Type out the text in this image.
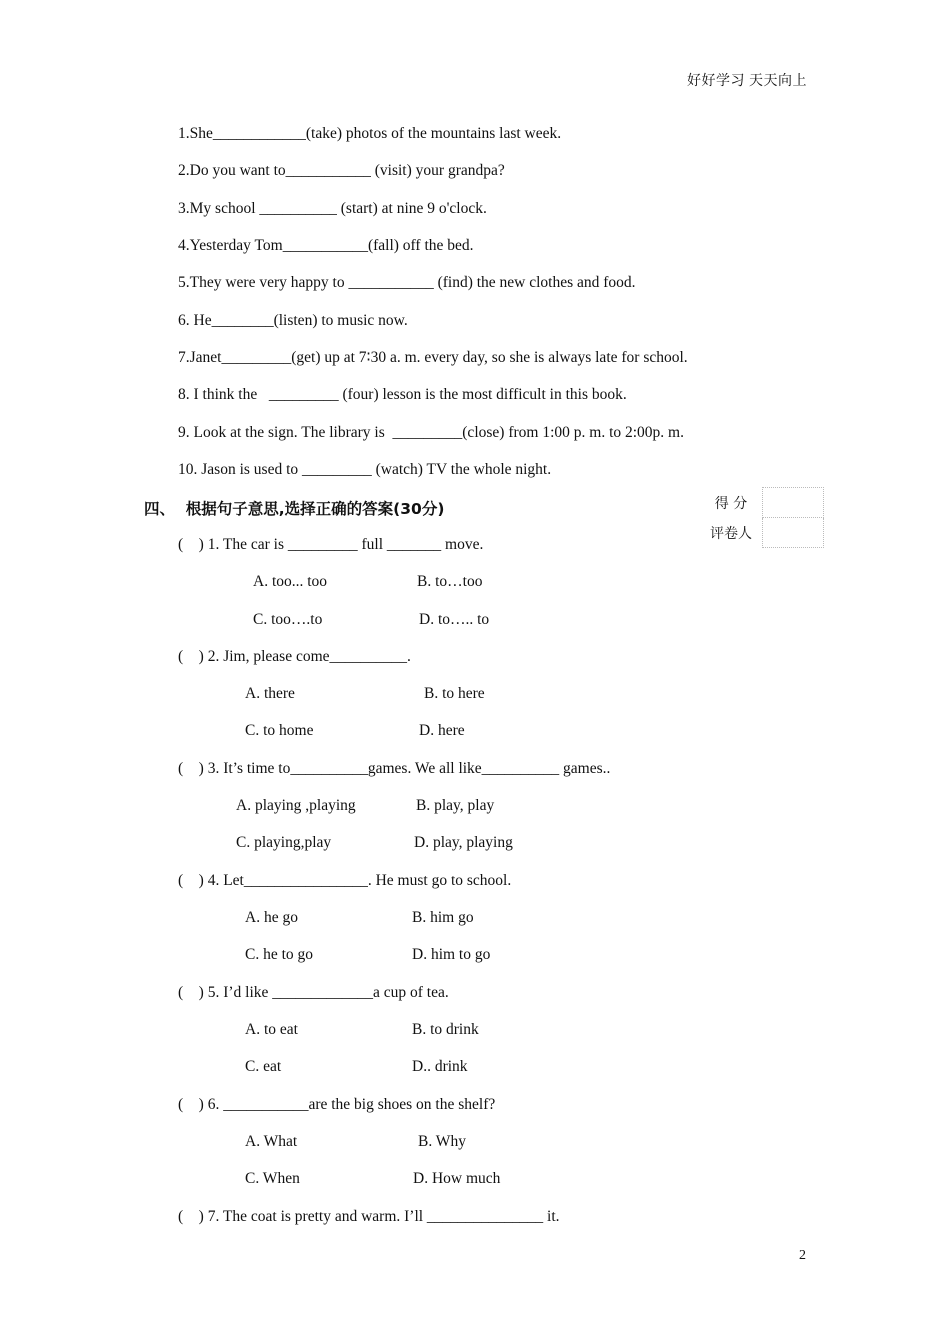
好好学习 天天向上
1.She____________(take) photos of the mountains last week.
2.Do you want to___________ (visit) your grandpa?
3.My school __________ (start) at nine 9 o'clock.
4.Yesterday Tom___________(fall) off the bed.
5.They were very happy to ___________ (find) the new clothes and food.
6. He________(listen) to music now.
7.Janet_________(get) up at 7∶30 a. m. every day, so she is always late for school.
8. I think the   _________ (four) lesson is the most difficult in this book.
9. Look at the sign. The library is  _________(close) from 1:00 p. m. to 2:00p. m.
10. Jason is used to _________ (watch) TV the whole night.
四、  根据句子意思,选择正确的答案(30分)	得 分	
评卷人	
(    ) 1. The car is _________ full _______ move.
A. too... too	B. to…too
C. too….to	D. to….. to
(    ) 2. Jim, please come__________.
A. there	B. to here
C. to home	D. here
(    ) 3. It’s time to__________games. We all like__________ games..
A. playing ,playing	B. play, play
C. playing,play	D. play, playing
(    ) 4. Let________________. He must go to school.
A. he go	B. him go
C. he to go	D. him to go
(    ) 5. I’d like _____________a cup of tea.
A. to eat	B. to drink
C. eat	D.. drink
(    ) 6. ___________are the big shoes on the shelf?
A. What	B. Why
C. When	D. How much
(    ) 7. The coat is pretty and warm. I’ll _______________ it.
2
